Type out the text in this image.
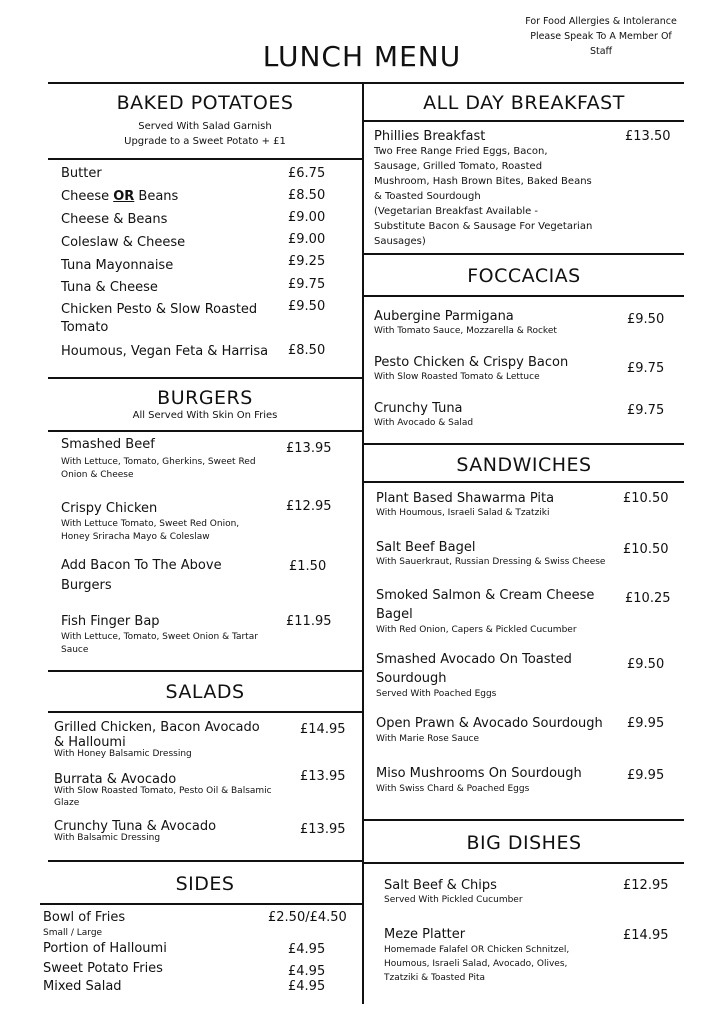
For Food Allergies & Intolerance
Please Speak To A Member Of
Staff
LUNCH MENU
BAKED POTATOES
Served With Salad Garnish
Upgrade to a Sweet Potato + £1
Butter	£6.75
Cheese OR Beans	£8.50
Cheese & Beans	£9.00
Coleslaw & Cheese	£9.00
Tuna Mayonnaise	£9.25
Tuna & Cheese	£9.75
Chicken Pesto & Slow Roasted
Tomato
£9.50
Houmous, Vegan Feta & Harrisa £8.50
BURGERS
All Served With Skin On Fries
Smashed Beef	£13.95
With Lettuce, Tomato, Gherkins, Sweet Red
Onion & Cheese
Crispy Chicken	£12.95
With Lettuce Tomato, Sweet Red Onion,
Honey Sriracha Mayo & Coleslaw
Add Bacon To The Above
Burgers
£1.50
Fish Finger Bap	£11.95
With Lettuce, Tomato, Sweet Onion & Tartar
Sauce
SALADS
Grilled Chicken, Bacon Avocado
& Halloumi
£14.95
With Honey Balsamic Dressing
Burrata & Avocado	£13.95
With Slow Roasted Tomato, Pesto Oil & Balsamic
Glaze
Crunchy Tuna & Avocado	£13.95
With Balsamic Dressing
SIDES
Bowl of Fries	£2.50/£4.50
Small / Large
Portion of Halloumi	£4.95
Sweet Potato Fries	£4.95
Mixed Salad	£4.95
ALL DAY BREAKFAST
Phillies Breakfast	£13.50
Two Free Range Fried Eggs, Bacon,
Sausage, Grilled Tomato, Roasted
Mushroom, Hash Brown Bites, Baked Beans
& Toasted Sourdough
(Vegetarian Breakfast Available -
Substitute Bacon & Sausage For Vegetarian
Sausages)
FOCCACIAS
Aubergine Parmigana	£9.50
With Tomato Sauce, Mozzarella & Rocket
Pesto Chicken & Crispy Bacon	£9.75
With Slow Roasted Tomato & Lettuce
Crunchy Tuna	£9.75
With Avocado & Salad
SANDWICHES
Plant Based Shawarma Pita	£10.50
With Houmous, Israeli Salad & Tzatziki
Salt Beef Bagel	£10.50
With Sauerkraut, Russian Dressing & Swiss Cheese
Smoked Salmon & Cream Cheese
Bagel
£10.25
With Red Onion, Capers & Pickled Cucumber
Smashed Avocado On Toasted
Sourdough
£9.50
Served With Poached Eggs
Open Prawn & Avocado Sourdough £9.95
With Marie Rose Sauce
Miso Mushrooms On Sourdough	£9.95
With Swiss Chard & Poached Eggs
BIG DISHES
Salt Beef & Chips	£12.95
Served With Pickled Cucumber
Meze Platter	£14.95
Homemade Falafel OR Chicken Schnitzel,
Houmous, Israeli Salad, Avocado, Olives,
Tzatziki & Toasted Pita
